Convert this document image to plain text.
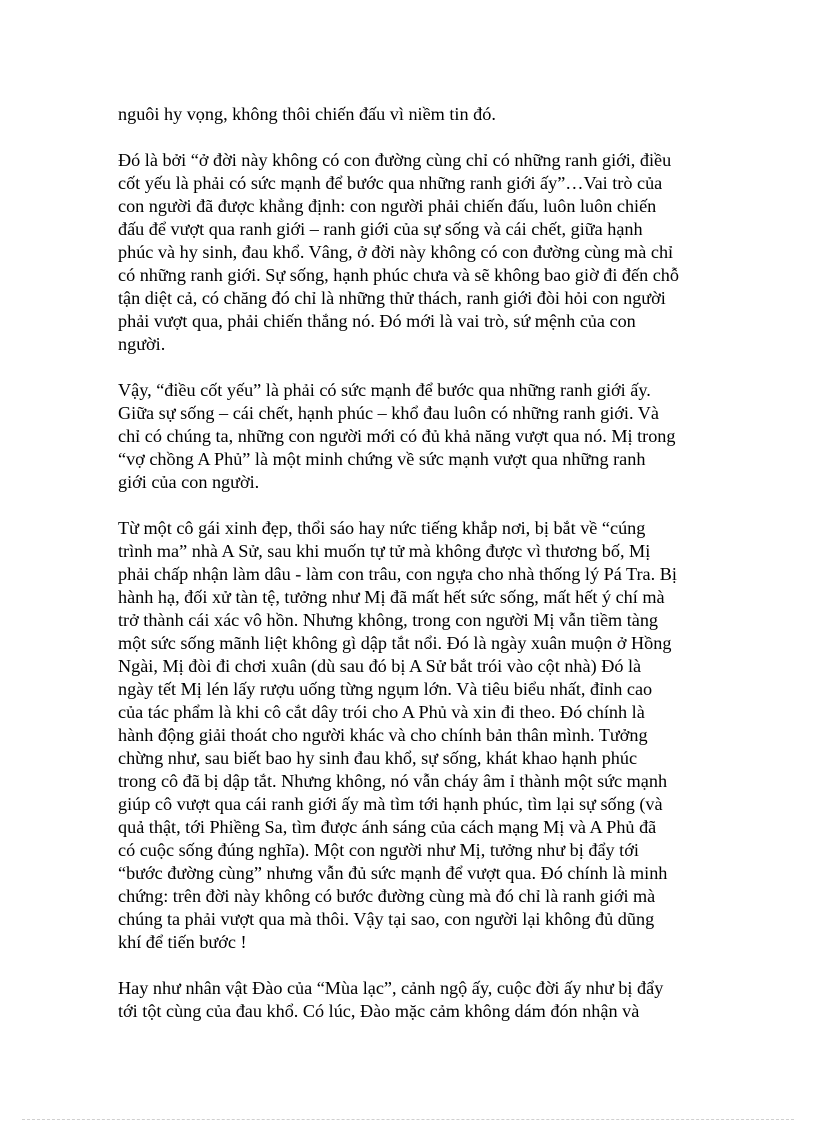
nguôi hy vọng, không thôi chiến đấu vì niềm tin đó.
Đó là bởi “ở đời này không có con đường cùng chỉ có những ranh giới, điều
cốt yếu là phải có sức mạnh để bước qua những ranh giới ấy”…Vai trò của
con người đã được khẳng định: con người phải chiến đấu, luôn luôn chiến
đấu để vượt qua ranh giới – ranh giới của sự sống và cái chết, giữa hạnh
phúc và hy sinh, đau khổ. Vâng, ở đời này không có con đường cùng mà chỉ
có những ranh giới. Sự sống, hạnh phúc chưa và sẽ không bao giờ đi đến chỗ
tận diệt cả, có chăng đó chỉ là những thử thách, ranh giới đòi hỏi con người
phải vượt qua, phải chiến thắng nó. Đó mới là vai trò, sứ mệnh của con
người.
Vậy, “điều cốt yếu” là phải có sức mạnh để bước qua những ranh giới ấy.
Giữa sự sống – cái chết, hạnh phúc – khổ đau luôn có những ranh giới. Và
chỉ có chúng ta, những con người mới có đủ khả năng vượt qua nó. Mị trong
“vợ chồng A Phủ” là một minh chứng về sức mạnh vượt qua những ranh
giới của con người.
Từ một cô gái xinh đẹp, thổi sáo hay nức tiếng khắp nơi, bị bắt về “cúng
trình ma” nhà A Sử, sau khi muốn tự tử mà không được vì thương bố, Mị
phải chấp nhận làm dâu - làm con trâu, con ngựa cho nhà thống lý Pá Tra. Bị
hành hạ, đối xử tàn tệ, tưởng như Mị đã mất hết sức sống, mất hết ý chí mà
trở thành cái xác vô hồn. Nhưng không, trong con người Mị vẫn tiềm tàng
một sức sống mãnh liệt không gì dập tắt nổi. Đó là ngày xuân muộn ở Hồng
Ngài, Mị đòi đi chơi xuân (dù sau đó bị A Sử bắt trói vào cột nhà) Đó là
ngày tết Mị lén lấy rượu uống từng ngụm lớn. Và tiêu biểu nhất, đỉnh cao
của tác phẩm là khi cô cắt dây trói cho A Phủ và xin đi theo. Đó chính là
hành động giải thoát cho người khác và cho chính bản thân mình. Tưởng
chừng như, sau biết bao hy sinh đau khổ, sự sống, khát khao hạnh phúc
trong cô đã bị dập tắt. Nhưng không, nó vẫn cháy âm ỉ thành một sức mạnh
giúp cô vượt qua cái ranh giới ấy mà tìm tới hạnh phúc, tìm lại sự sống (và
quả thật, tới Phiềng Sa, tìm được ánh sáng của cách mạng Mị và A Phủ đã
có cuộc sống đúng nghĩa). Một con người như Mị, tưởng như bị đẩy tới
“bước đường cùng” nhưng vẫn đủ sức mạnh để vượt qua. Đó chính là minh
chứng: trên đời này không có bước đường cùng mà đó chỉ là ranh giới mà
chúng ta phải vượt qua mà thôi. Vậy tại sao, con người lại không đủ dũng
khí để tiến bước !
Hay như nhân vật Đào của “Mùa lạc”, cảnh ngộ ấy, cuộc đời ấy như bị đẩy
tới tột cùng của đau khổ. Có lúc, Đào mặc cảm không dám đón nhận và
